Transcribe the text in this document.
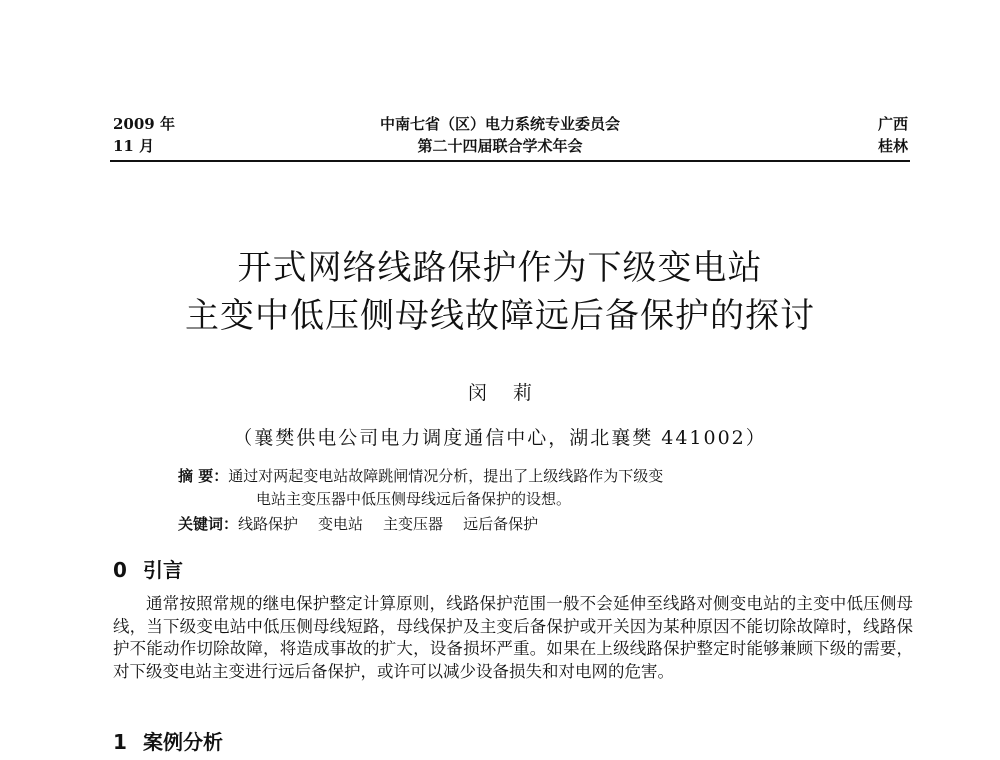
2009 年
11 月
中南七省（区）电力系统专业委员会
第二十四届联合学术年会
广西
桂林
开式网络线路保护作为下级变电站
主变中低压侧母线故障远后备保护的探讨
闵莉
（襄樊供电公司电力调度通信中心，湖北襄樊 441002）
摘 要：通过对两起变电站故障跳闸情况分析，提出了上级线路作为下级变
电站主变压器中低压侧母线远后备保护的设想。
关键词：线路保护 变电站 主变压器 远后备保护
0 引言
通常按照常规的继电保护整定计算原则，线路保护范围一般不会延伸至线路对侧变电站的主变中低压侧母线，当下级变电站中低压侧母线短路，母线保护及主变后备保护或开关因为某种原因不能切除故障时，线路保护不能动作切除故障，将造成事故的扩大，设备损坏严重。如果在上级线路保护整定时能够兼顾下级的需要，对下级变电站主变进行远后备保护，或许可以减少设备损失和对电网的危害。
1 案例分析
